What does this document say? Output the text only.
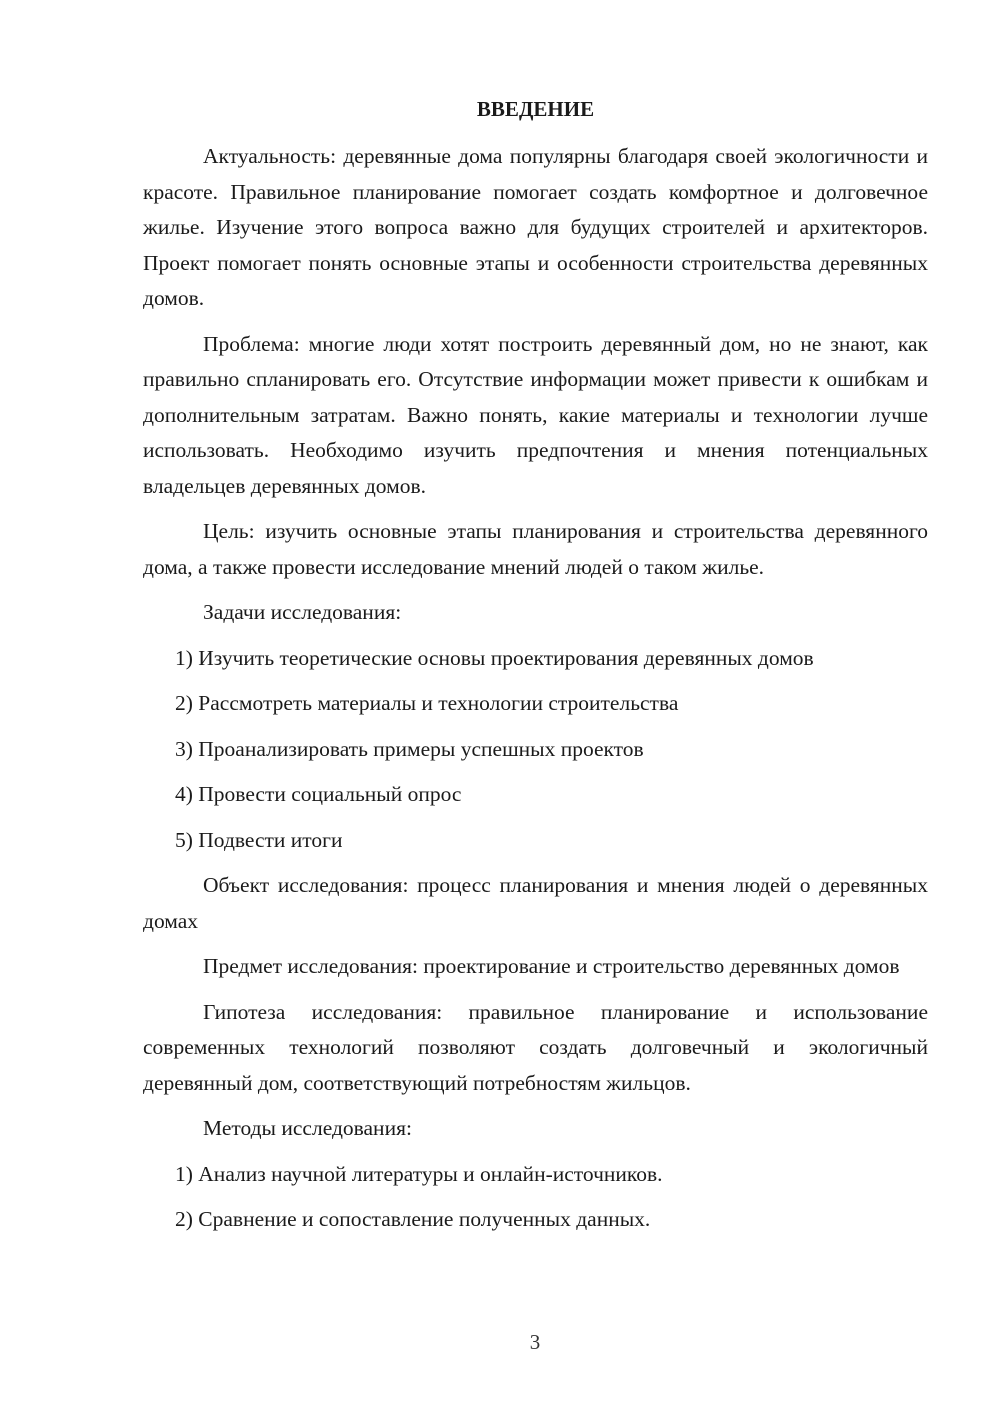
ВВЕДЕНИЕ

Актуальность: деревянные дома популярны благодаря своей экологичности и красоте. Правильное планирование помогает создать комфортное и долговечное жилье. Изучение этого вопроса важно для будущих строителей и архитекторов. Проект помогает понять основные этапы и особенности строительства деревянных домов.

Проблема: многие люди хотят построить деревянный дом, но не знают, как правильно спланировать его. Отсутствие информации может привести к ошибкам и дополнительным затратам. Важно понять, какие материалы и технологии лучше использовать. Необходимо изучить предпочтения и мнения потенциальных владельцев деревянных домов.

Цель: изучить основные этапы планирования и строительства деревянного дома, а также провести исследование мнений людей о таком жилье.

Задачи исследования:

1) Изучить теоретические основы проектирования деревянных домов

2) Рассмотреть материалы и технологии строительства

3) Проанализировать примеры успешных проектов

4) Провести социальный опрос

5) Подвести итоги

Объект исследования: процесс планирования и мнения людей о деревянных домах

Предмет исследования: проектирование и строительство деревянных домов

Гипотеза исследования: правильное планирование и использование современных технологий позволяют создать долговечный и экологичный деревянный дом, соответствующий потребностям жильцов.

Методы исследования:

1) Анализ научной литературы и онлайн-источников.

2) Сравнение и сопоставление полученных данных.

3
